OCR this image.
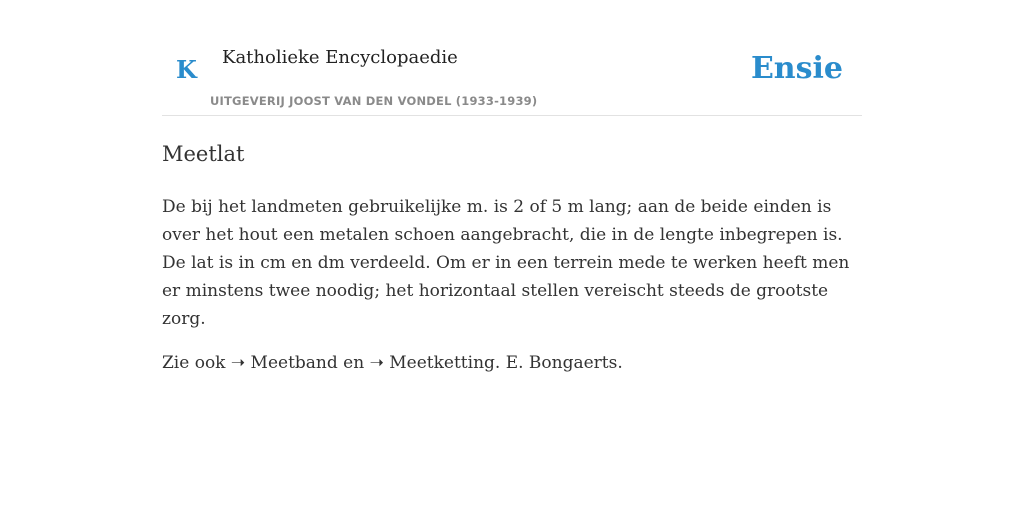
K Katholieke Encyclopaedie
UITGEVERIJ JOOST VAN DEN VONDEL (1933-1939)
Ensie
Meetlat

De bij het landmeten gebruikelijke m. is 2 of 5 m lang; aan de beide einden is over het hout een metalen schoen aangebracht, die in de lengte inbegrepen is. De lat is in cm en dm verdeeld. Om er in een terrein mede te werken heeft men er minstens twee noodig; het horizontaal stellen vereischt steeds de grootste zorg.

Zie ook ➝ Meetband en ➝ Meetketting. E. Bongaerts.
